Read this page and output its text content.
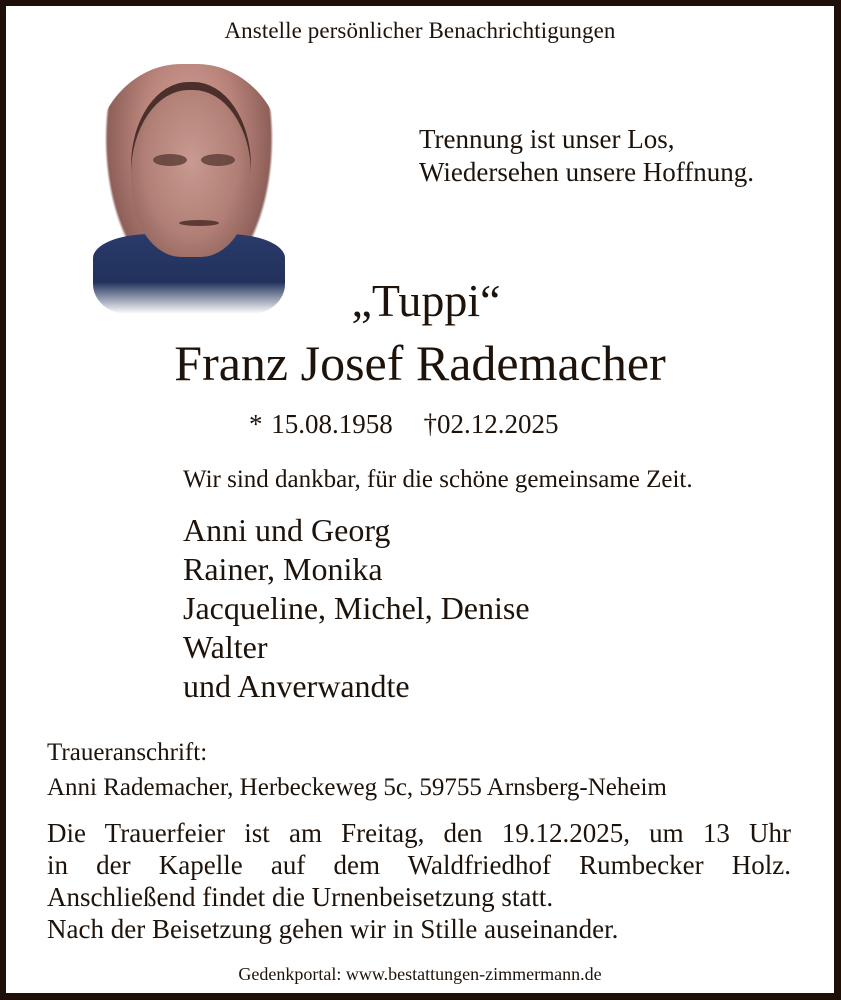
Anstelle persönlicher Benachrichtigungen
Trennung ist unser Los,
Wiedersehen unsere Hoffnung.
„Tuppi“
Franz Josef Rademacher
* 15.08.1958 †02.12.2025
Wir sind dankbar, für die schöne gemeinsame Zeit.
Anni und Georg
Rainer, Monika
Jacqueline, Michel, Denise
Walter
und Anverwandte
Traueranschrift:
Anni Rademacher, Herbeckeweg 5c, 59755 Arnsberg-Neheim
Die Trauerfeier ist am Freitag, den 19.12.2025, um 13 Uhr
in der Kapelle auf dem Waldfriedhof Rumbecker Holz.
Anschließend findet die Urnenbeisetzung statt.
Nach der Beisetzung gehen wir in Stille auseinander.
Gedenkportal: www.bestattungen-zimmermann.de
